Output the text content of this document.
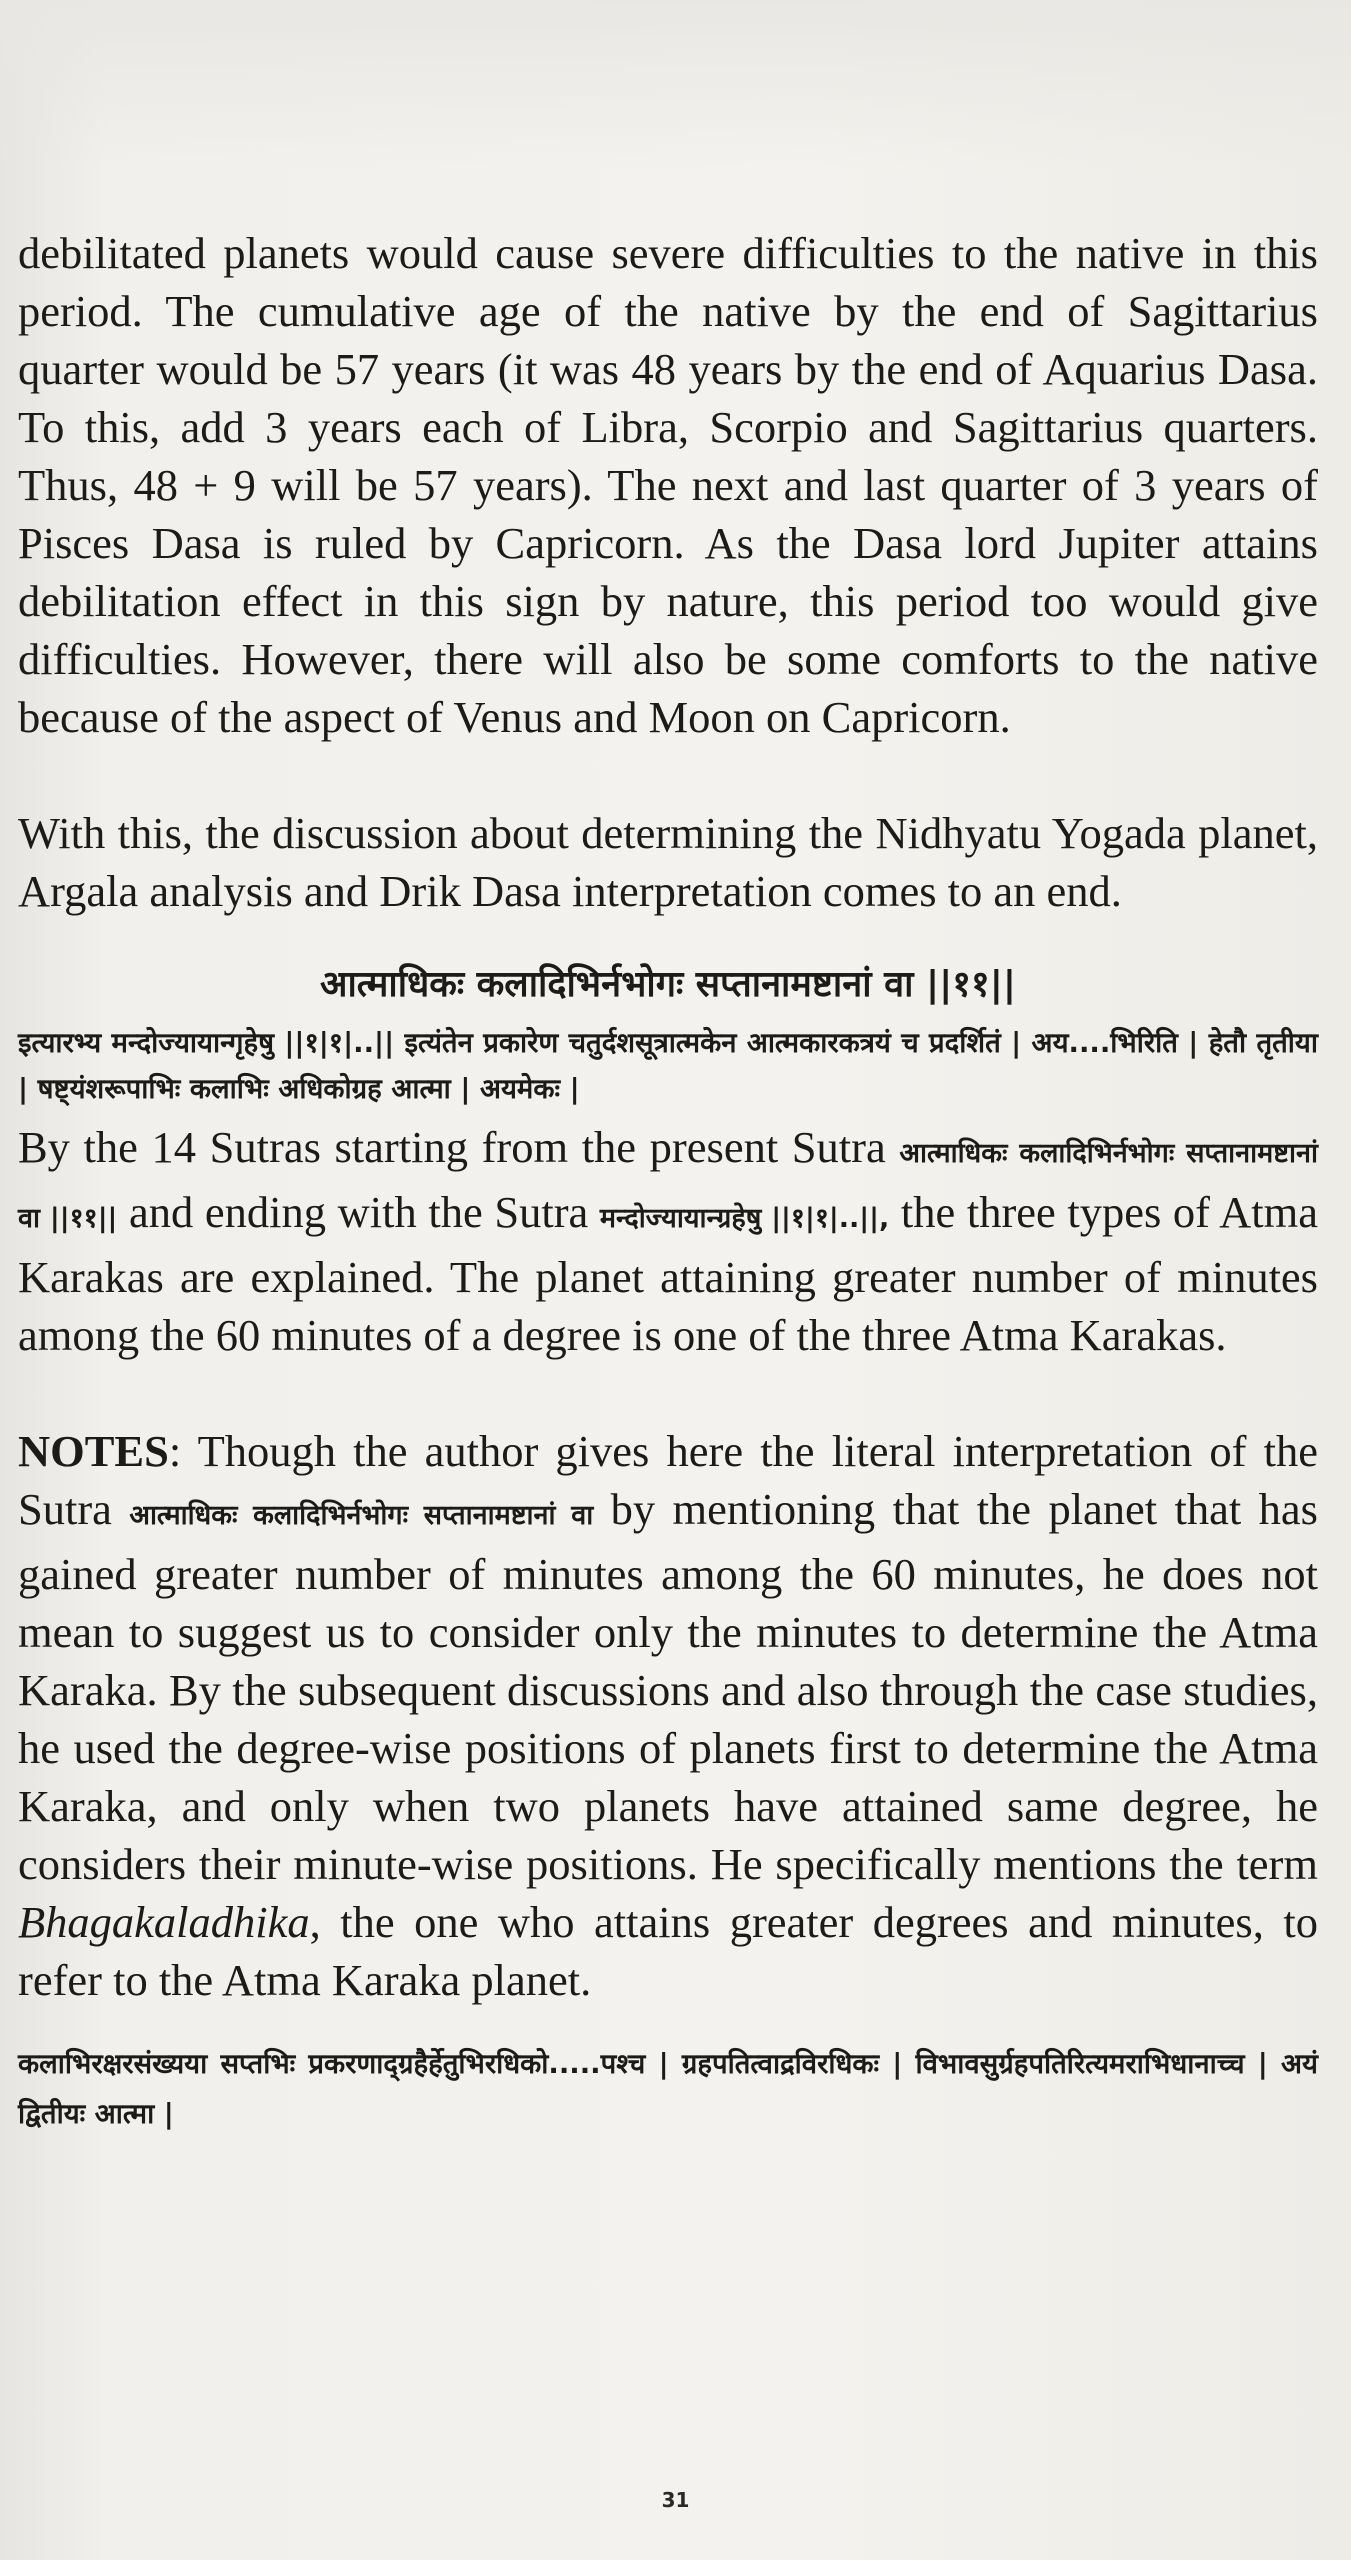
debilitated planets would cause severe difficulties to the native in this period. The cumulative age of the native by the end of Sagittarius quarter would be 57 years (it was 48 years by the end of Aquarius Dasa. To this, add 3 years each of Libra, Scorpio and Sagittarius quarters. Thus, 48 + 9 will be 57 years). The next and last quarter of 3 years of Pisces Dasa is ruled by Capricorn. As the Dasa lord Jupiter attains debilitation effect in this sign by nature, this period too would give difficulties. However, there will also be some comforts to the native because of the aspect of Venus and Moon on Capricorn.

With this, the discussion about determining the Nidhyatu Yogada planet, Argala analysis and Drik Dasa interpretation comes to an end.

आत्माधिकः कलादिभिर्नभोगः सप्तानामष्टानां वा ||११||
इत्यारभ्य मन्दोज्यायान्गृहेषु ||१|१|..|| इत्यंतेन प्रकारेण चतुर्दशसूत्रात्मकेन आत्मकारकत्रयं च प्रदर्शितं | अय....भिरिति | हेतौ तृतीया | षष्ट्यंशरूपाभिः कलाभिः अधिकोग्रह आत्मा | अयमेकः |

By the 14 Sutras starting from the present Sutra आत्माधिकः कलादिभिर्नभोगः सप्तानामष्टानां वा ||११|| and ending with the Sutra मन्दोज्यायान्ग्रहेषु ||१|१|..||, the three types of Atma Karakas are explained. The planet attaining greater number of minutes among the 60 minutes of a degree is one of the three Atma Karakas.

NOTES: Though the author gives here the literal interpretation of the Sutra आत्माधिकः कलादिभिर्नभोगः सप्तानामष्टानां वा by mentioning that the planet that has gained greater number of minutes among the 60 minutes, he does not mean to suggest us to consider only the minutes to determine the Atma Karaka. By the subsequent discussions and also through the case studies, he used the degree-wise positions of planets first to determine the Atma Karaka, and only when two planets have attained same degree, he considers their minute-wise positions. He specifically mentions the term Bhagakaladhika, the one who attains greater degrees and minutes, to refer to the Atma Karaka planet.

कलाभिरक्षरसंख्यया सप्तभिः प्रकरणाद्ग्रहैर्हेतुभिरधिको.....पश्च | ग्रहपतित्वाद्रविरधिकः | विभावसुर्ग्रहपतिरित्यमराभिधानाच्च | अयं द्वितीयः आत्मा |
31
